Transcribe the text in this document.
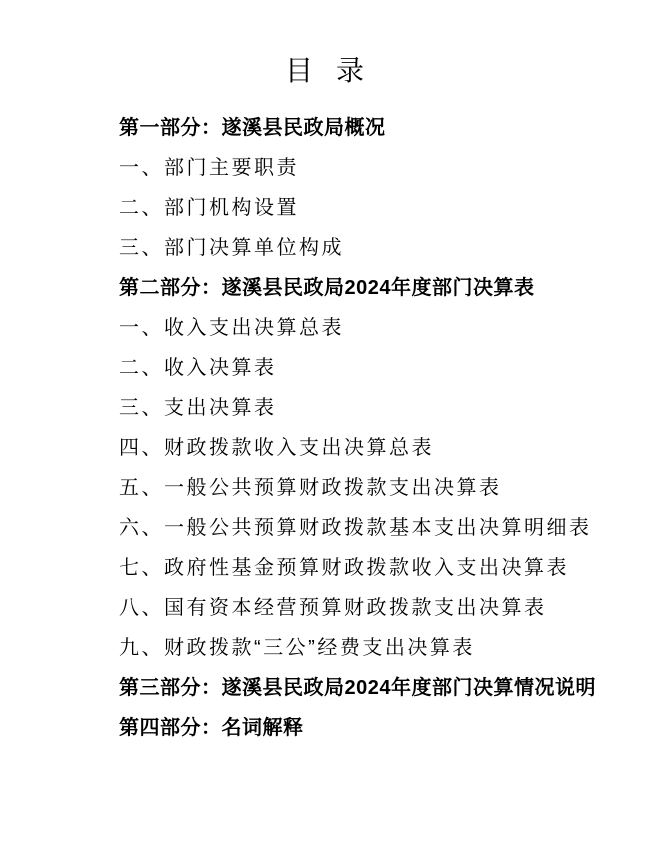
目 录
第一部分：遂溪县民政局概况
一、部门主要职责
二、部门机构设置
三、部门决算单位构成
第二部分：遂溪县民政局2024年度部门决算表
一、收入支出决算总表
二、收入决算表
三、支出决算表
四、财政拨款收入支出决算总表
五、一般公共预算财政拨款支出决算表
六、一般公共预算财政拨款基本支出决算明细表
七、政府性基金预算财政拨款收入支出决算表
八、国有资本经营预算财政拨款支出决算表
九、财政拨款“三公”经费支出决算表
第三部分：遂溪县民政局2024年度部门决算情况说明
第四部分：名词解释
